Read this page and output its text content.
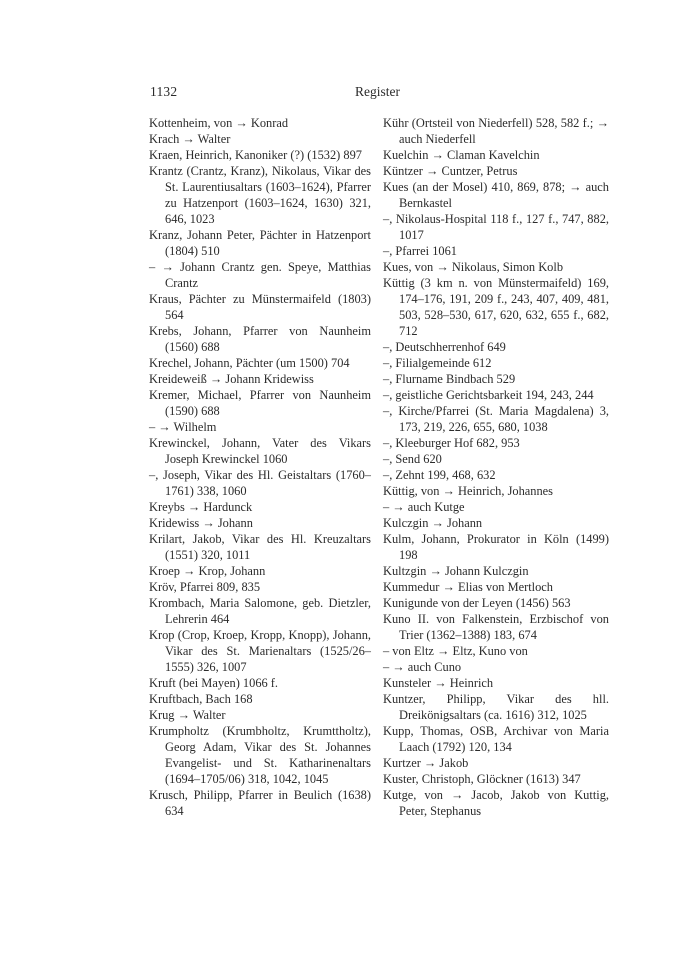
1132	Register

Kottenheim, von → Konrad

Krach → Walter

Kraen, Heinrich, Kanoniker (?) (1532) 897

Krantz (Crantz, Kranz), Nikolaus, Vikar des St. Laurentiusaltars (1603–1624), Pfarrer zu Hatzenport (1603–1624, 1630) 321, 646, 1023

Kranz, Johann Peter, Pächter in Hatzenport (1804) 510

– → Johann Crantz gen. Speye, Matthias Crantz

Kraus, Pächter zu Münstermaifeld (1803) 564

Krebs, Johann, Pfarrer von Naunheim (1560) 688

Krechel, Johann, Pächter (um 1500) 704

Kreideweiß → Johann Kridewiss

Kremer, Michael, Pfarrer von Naunheim (1590) 688

– → Wilhelm

Krewinckel, Johann, Vater des Vikars Joseph Krewinckel 1060

–, Joseph, Vikar des Hl. Geistaltars (1760–1761) 338, 1060

Kreybs → Hardunck

Kridewiss → Johann

Krilart, Jakob, Vikar des Hl. Kreuzaltars (1551) 320, 1011

Kroep → Krop, Johann

Kröv, Pfarrei 809, 835

Krombach, Maria Salomone, geb. Dietzler, Lehrerin 464

Krop (Crop, Kroep, Kropp, Knopp), Johann, Vikar des St. Marienaltars (1525/26–1555) 326, 1007

Kruft (bei Mayen) 1066 f.

Kruftbach, Bach 168

Krug → Walter

Krumpholtz (Krumbholtz, Krumttholtz), Georg Adam, Vikar des St. Johannes Evangelist- und St. Katharinenaltars (1694–1705/06) 318, 1042, 1045

Krusch, Philipp, Pfarrer in Beulich (1638) 634

Kühr (Ortsteil von Niederfell) 528, 582 f.; → auch Niederfell

Kuelchin → Claman Kavelchin

Küntzer → Cuntzer, Petrus

Kues (an der Mosel) 410, 869, 878; → auch Bernkastel

–, Nikolaus-Hospital 118 f., 127 f., 747, 882, 1017

–, Pfarrei 1061

Kues, von → Nikolaus, Simon Kolb

Küttig (3 km n. von Münstermaifeld) 169, 174–176, 191, 209 f., 243, 407, 409, 481, 503, 528–530, 617, 620, 632, 655 f., 682, 712

–, Deutschherrenhof 649

–, Filialgemeinde 612

–, Flurname Bindbach 529

–, geistliche Gerichtsbarkeit 194, 243, 244

–, Kirche/Pfarrei (St. Maria Magdalena) 3, 173, 219, 226, 655, 680, 1038

–, Kleeburger Hof 682, 953

–, Send 620

–, Zehnt 199, 468, 632

Küttig, von → Heinrich, Johannes

– → auch Kutge

Kulczgin → Johann

Kulm, Johann, Prokurator in Köln (1499) 198

Kultzgin → Johann Kulczgin

Kummedur → Elias von Mertloch

Kunigunde von der Leyen (1456) 563

Kuno II. von Falkenstein, Erzbischof von Trier (1362–1388) 183, 674

– von Eltz → Eltz, Kuno von

– → auch Cuno

Kunsteler → Heinrich

Kuntzer, Philipp, Vikar des hll. Dreikönigsaltars (ca. 1616) 312, 1025

Kupp, Thomas, OSB, Archivar von Maria Laach (1792) 120, 134

Kurtzer → Jakob

Kuster, Christoph, Glöckner (1613) 347

Kutge, von → Jacob, Jakob von Kuttig, Peter, Stephanus
